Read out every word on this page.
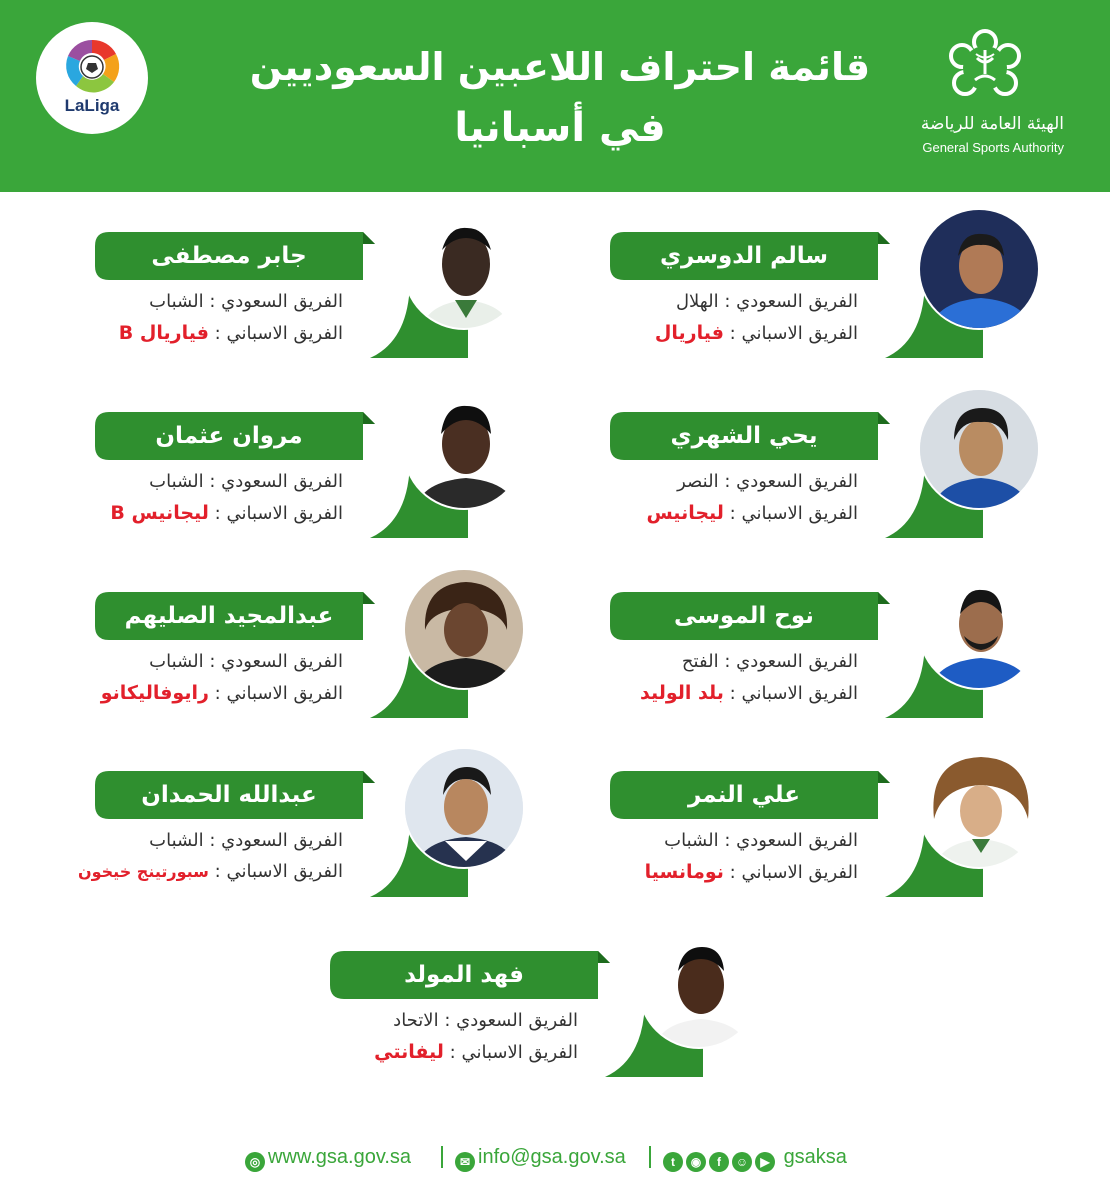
LaLiga
قائمة احتراف اللاعبين السعوديين
في أسبانيا	الهيئة العامة للرياضة
General Sports Authority
سالم الدوسري
الفريق السعودي : الهلال
الفريق الاسباني : فياريال
جابر مصطفى
الفريق السعودي : الشباب
الفريق الاسباني : فياريال B
يحي الشهري
الفريق السعودي : النصر
الفريق الاسباني : ليجانيس
مروان عثمان
الفريق السعودي : الشباب
الفريق الاسباني : ليجانيس B
نوح الموسى
الفريق السعودي : الفتح
الفريق الاسباني : بلد الوليد
عبدالمجيد الصليهم
الفريق السعودي : الشباب
الفريق الاسباني : رايوفاليكانو
علي النمر
الفريق السعودي : الشباب
الفريق الاسباني : نومانسيا
عبدالله الحمدان
الفريق السعودي : الشباب
الفريق الاسباني : سبورتينج خيخون
فهد المولد
الفريق السعودي : الاتحاد
الفريق الاسباني : ليفانتي
◎ www.gsa.gov.sa	✉ info@gsa.gov.sa	t ◉ f ☺ ▶ gsaksa
